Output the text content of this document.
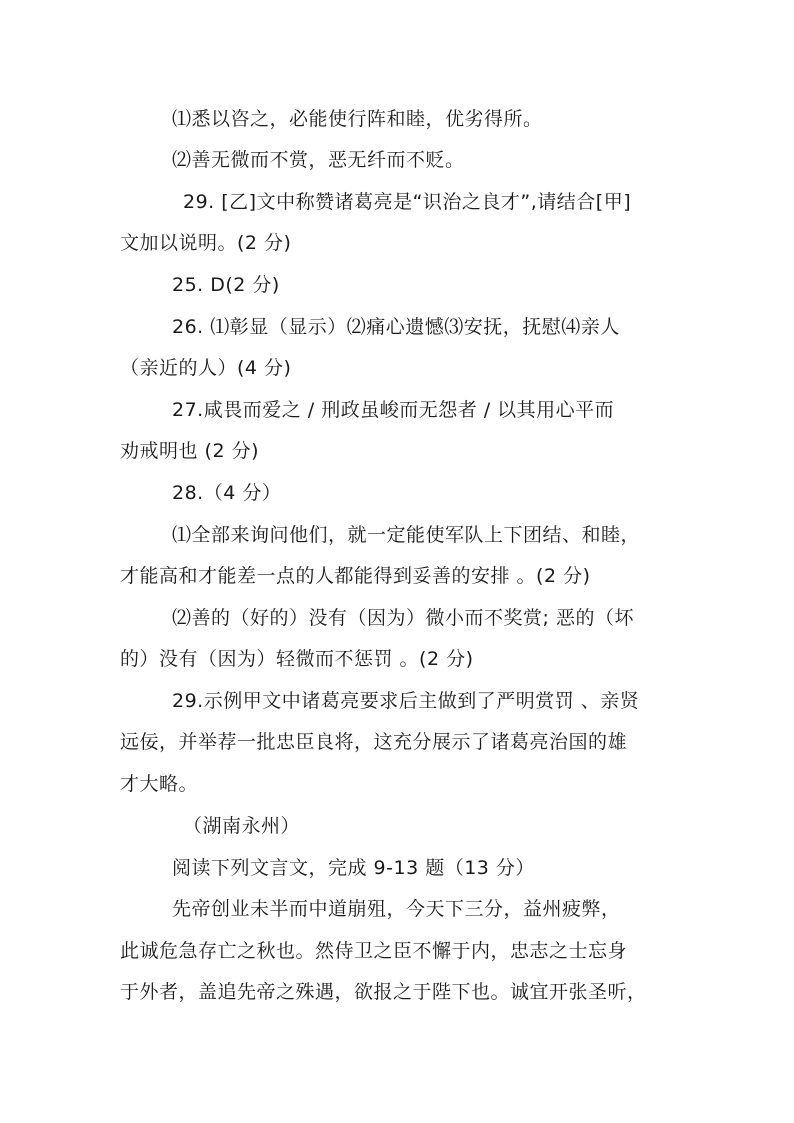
⑴悉以咨之，必能使行阵和睦，优劣得所。
⑵善无微而不赏，恶无纤而不贬。
29. [乙]文中称赞诸葛亮是“识治之良才”,请结合[甲]
文加以说明。(2 分)
25. D(2 分)
26. ⑴彰显（显示）⑵痛心遗憾⑶安抚，抚慰⑷亲人
（亲近的人）(4 分)
27.咸畏而爱之 / 刑政虽峻而无怨者 / 以其用心平而
劝戒明也 (2 分)
28.（4 分）
⑴全部来询问他们，就一定能使军队上下团结、和睦，
才能高和才能差一点的人都能得到妥善的安排 。(2 分)
⑵善的（好的）没有（因为）微小而不奖赏; 恶的（坏
的）没有（因为）轻微而不惩罚 。(2 分)
29.示例甲文中诸葛亮要求后主做到了严明赏罚 、亲贤
远佞，并举荐一批忠臣良将，这充分展示了诸葛亮治国的雄
才大略。
（湖南永州）
阅读下列文言文，完成 9-13 题（13 分）
先帝创业未半而中道崩殂，今天下三分，益州疲弊，
此诚危急存亡之秋也。然侍卫之臣不懈于内，忠志之士忘身
于外者，盖追先帝之殊遇，欲报之于陛下也。诚宜开张圣听，
